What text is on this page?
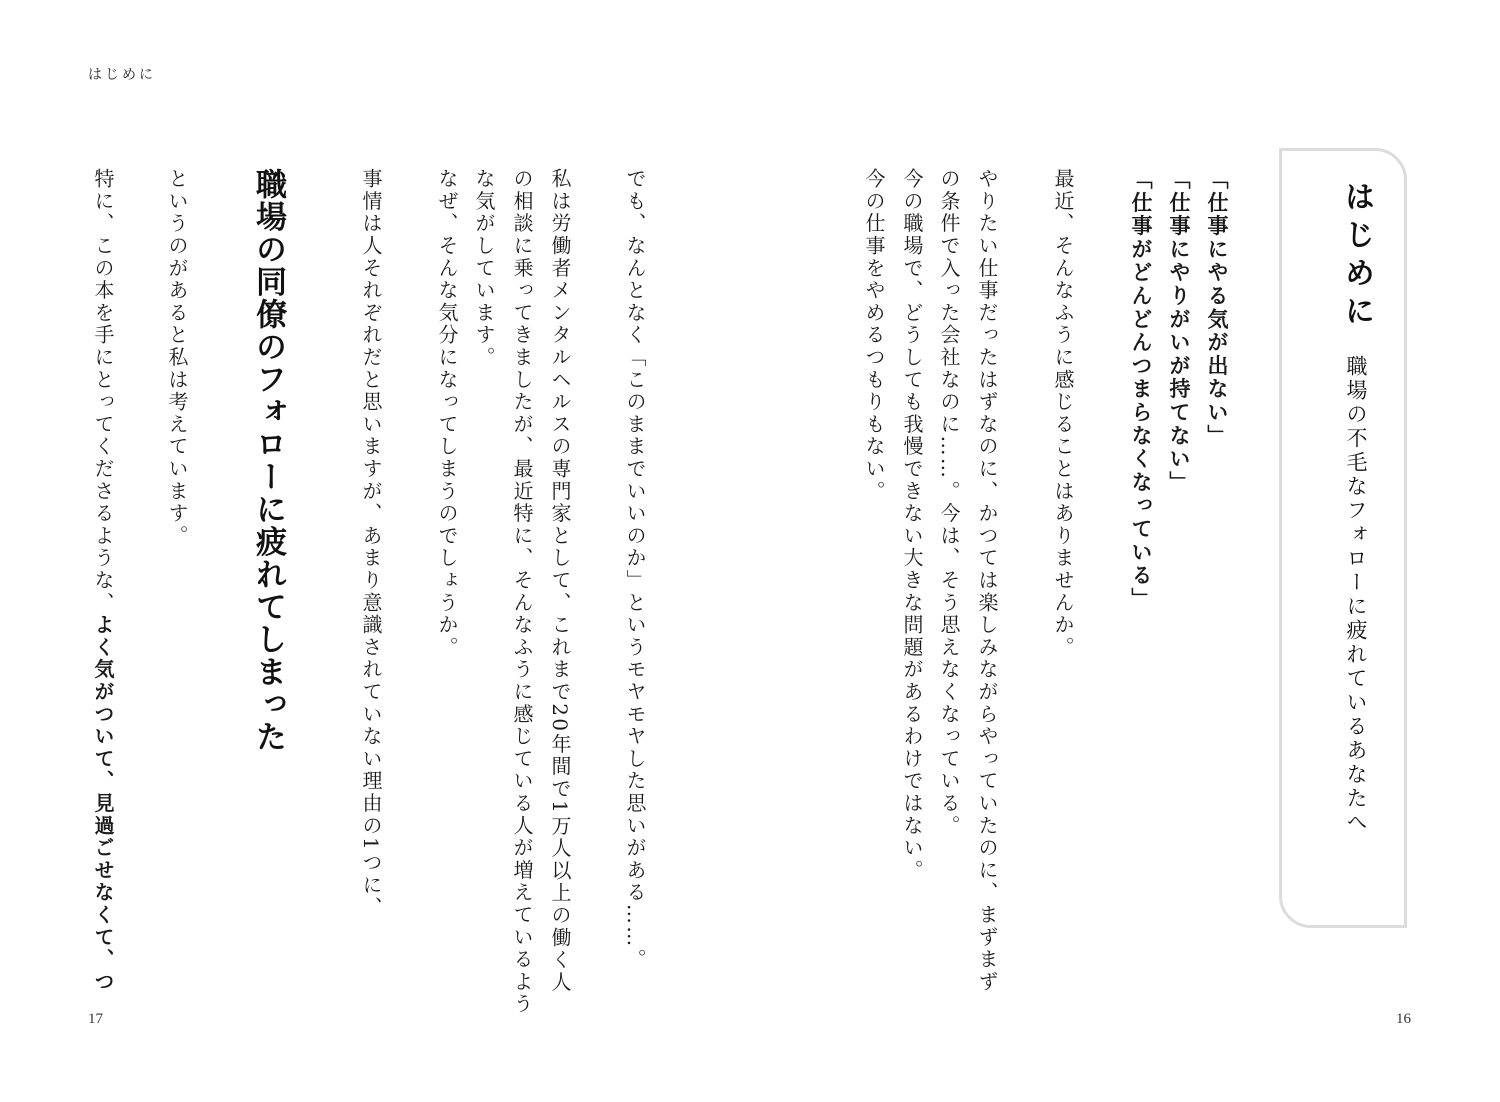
はじめに
はじめに
職場の不毛なフォローに疲れているあなたへ
「仕事にやる気が出ない」
「仕事にやりがいが持てない」
「仕事がどんどんつまらなくなっている」
最近、そんなふうに感じることはありませんか。
やりたい仕事だったはずなのに、かつては楽しみながらやっていたのに、まずまず
の条件で入った会社なのに……。今は、そう思えなくなっている。
今の職場で、どうしても我慢できない大きな問題があるわけではない。
今の仕事をやめるつもりもない。
でも、なんとなく「このままでいいのか」というモヤモヤした思いがある……。
私は労働者メンタルヘルスの専門家として、これまで20年間で1万人以上の働く人
の相談に乗ってきましたが、最近特に、そんなふうに感じている人が増えているよう
な気がしています。
なぜ、そんな気分になってしまうのでしょうか。
事情は人それぞれだと思いますが、あまり意識されていない理由の1つに、
職場の同僚のフォローに疲れてしまった
というのがあると私は考えています。
特に、この本を手にとってくださるような、よく気がついて、見過ごせなくて、つ
17	16
